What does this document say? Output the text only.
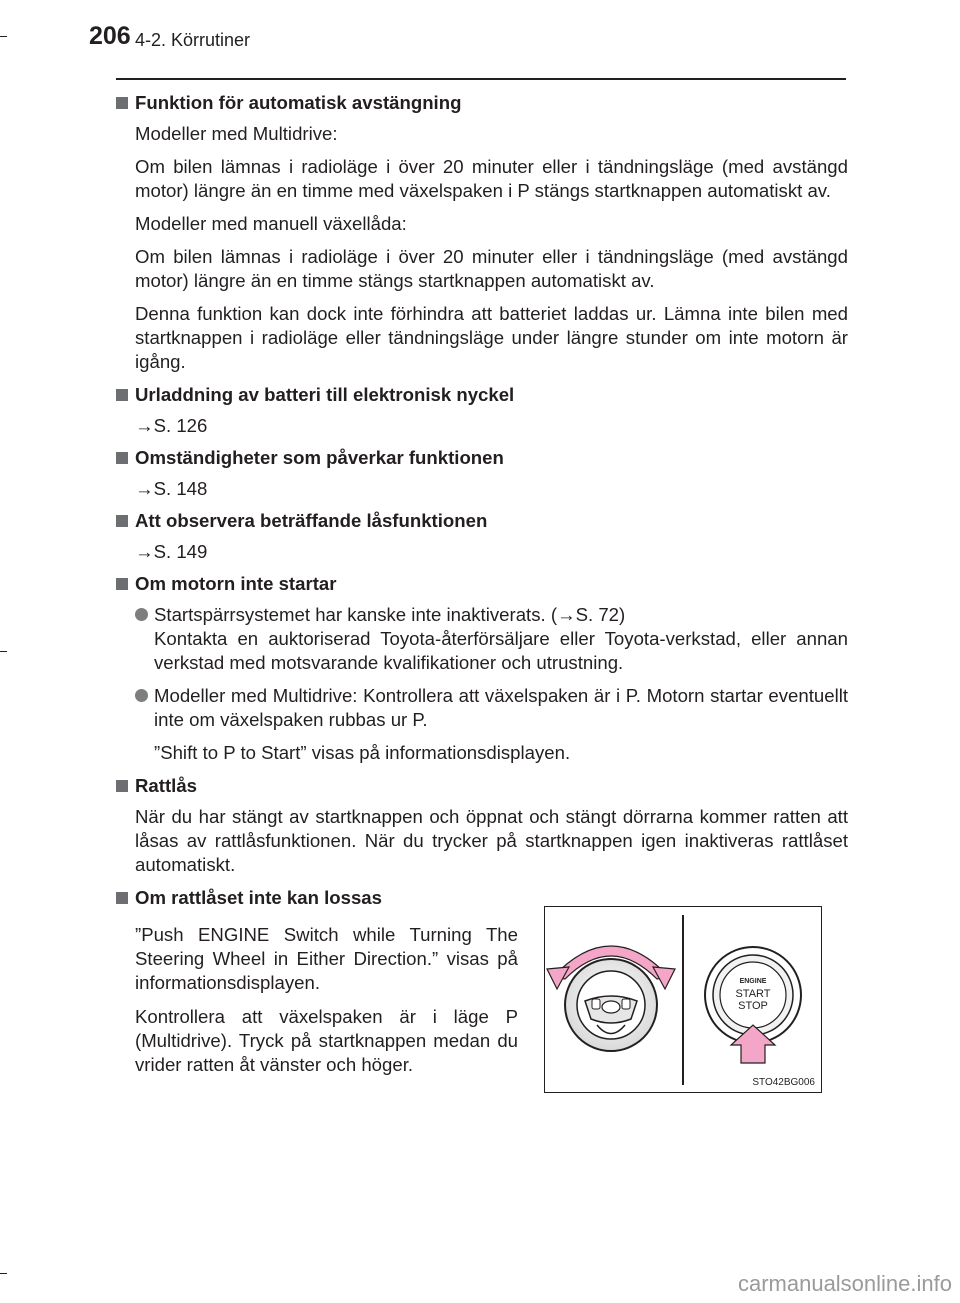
206 4-2. Körrutiner
Funktion för automatisk avstängning

Modeller med Multidrive:

Om bilen lämnas i radioläge i över 20 minuter eller i tändningsläge (med avstängd motor) längre än en timme med växelspaken i P stängs startknappen automatiskt av.

Modeller med manuell växellåda:

Om bilen lämnas i radioläge i över 20 minuter eller i tändningsläge (med avstängd motor) längre än en timme stängs startknappen automatiskt av.

Denna funktion kan dock inte förhindra att batteriet laddas ur. Lämna inte bilen med startknappen i radioläge eller tändningsläge under längre stunder om inte motorn är igång.

Urladdning av batteri till elektronisk nyckel
→S. 126
Omständigheter som påverkar funktionen
→S. 148
Att observera beträffande låsfunktionen
→S. 149
Om motorn inte startar
Startspärrsystemet har kanske inte inaktiverats. (→S. 72)
Kontakta en auktoriserad Toyota-återförsäljare eller Toyota-verkstad, eller annan verkstad med motsvarande kvalifikationer och utrustning.
Modeller med Multidrive: Kontrollera att växelspaken är i P. Motorn startar eventuellt inte om växelspaken rubbas ur P.
”Shift to P to Start” visas på informationsdisplayen.
Rattlås

När du har stängt av startknappen och öppnat och stängt dörrarna kommer ratten att låsas av rattlåsfunktionen. När du trycker på startknappen igen inaktiveras rattlåset automatiskt.

Om rattlåset inte kan lossas

”Push ENGINE Switch while Turning The Steering Wheel in Either Direction.” visas på informationsdisplayen.

Kontrollera att växelspaken är i läge P (Multidrive). Tryck på startknappen medan du vrider ratten åt vänster och höger.

ENGINE
START
STOP
STO42BG006
carmanualsonline.info
